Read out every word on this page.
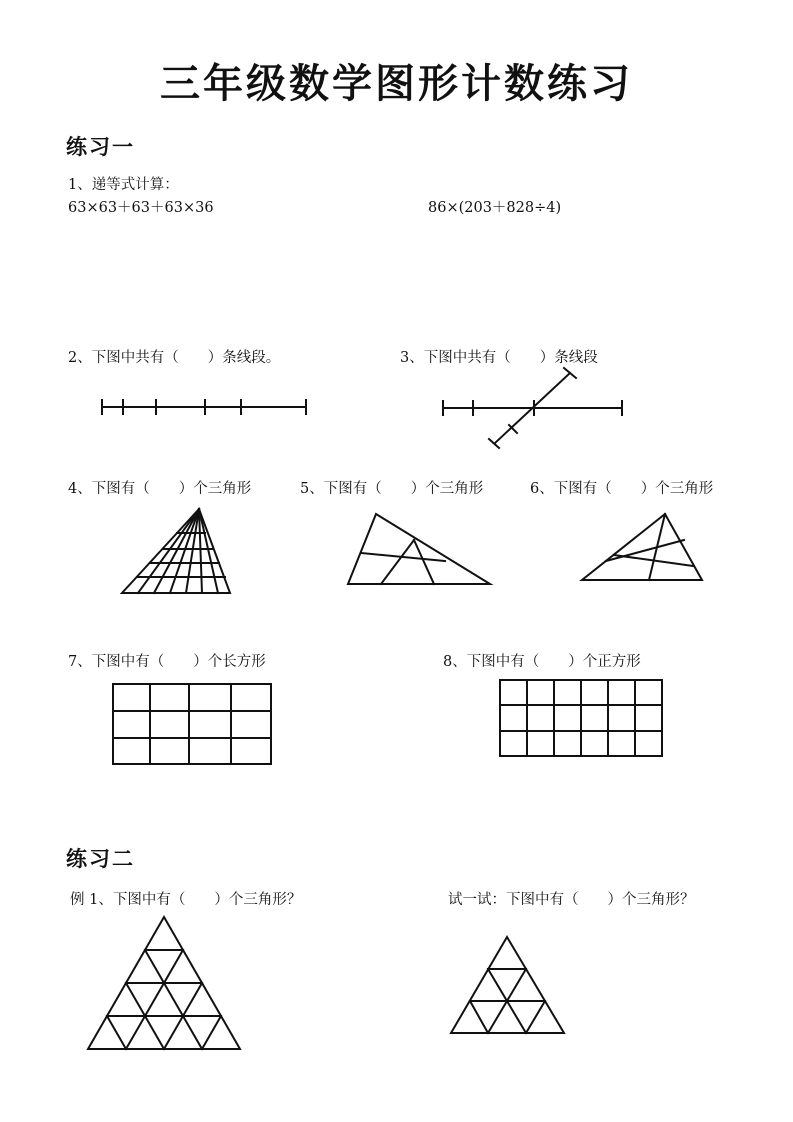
三年级数学图形计数练习
练习一
1、递等式计算：
63×63＋63＋63×36	86×(203＋828÷4)
2、下图中共有（　　）条线段。	3、下图中共有（　　）条线段
4、下图有（　　）个三角形	5、下图有（　　）个三角形	6、下图有（　　）个三角形
7、下图中有（　　）个长方形	8、下图中有（　　）个正方形
练习二
例 1、下图中有（　　）个三角形？	试一试：下图中有（　　）个三角形？
